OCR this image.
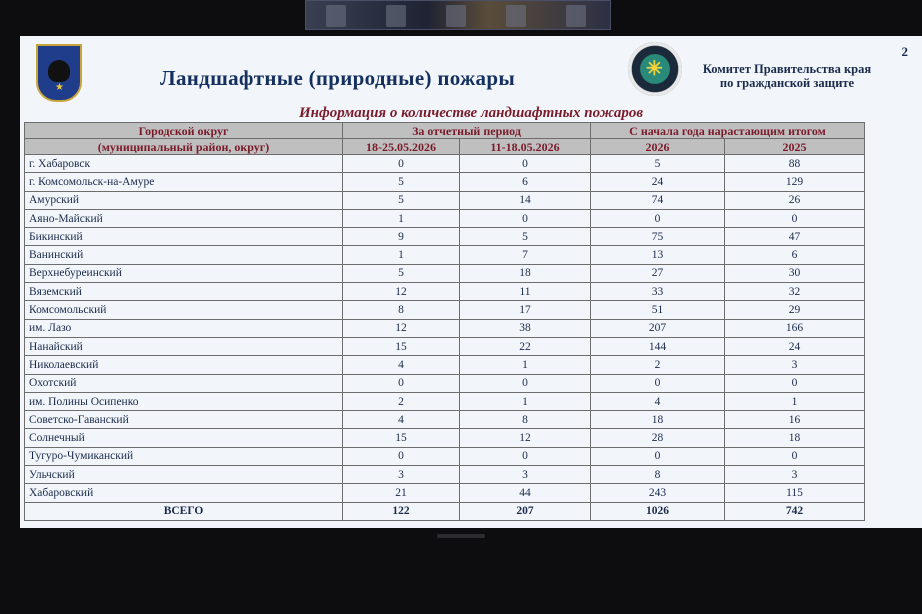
2
★	Ландшафтные (природные) пожары	✳	Комитет Правительства края
по гражданской защите
Информация о количестве ландшафтных пожаров
Городской округ	За отчетный период		С начала года нарастающим итогом	
(муниципальный район, округ)	18-25.05.2026	11-18.05.2026	2026	2025
г. Хабаровск	0	0	5	88
г. Комсомольск-на-Амуре	5	6	24	129
Амурский	5	14	74	26
Аяно-Майский	1	0	0	0
Бикинский	9	5	75	47
Ванинский	1	7	13	6
Верхнебуреинский	5	18	27	30
Вяземский	12	11	33	32
Комсомольский	8	17	51	29
им. Лазо	12	38	207	166
Нанайский	15	22	144	24
Николаевский	4	1	2	3
Охотский	0	0	0	0
им. Полины Осипенко	2	1	4	1
Советско-Гаванский	4	8	18	16
Солнечный	15	12	28	18
Тугуро-Чумиканский	0	0	0	0
Ульчский	3	3	8	3
Хабаровский	21	44	243	115
ВСЕГО	122	207	1026	742
